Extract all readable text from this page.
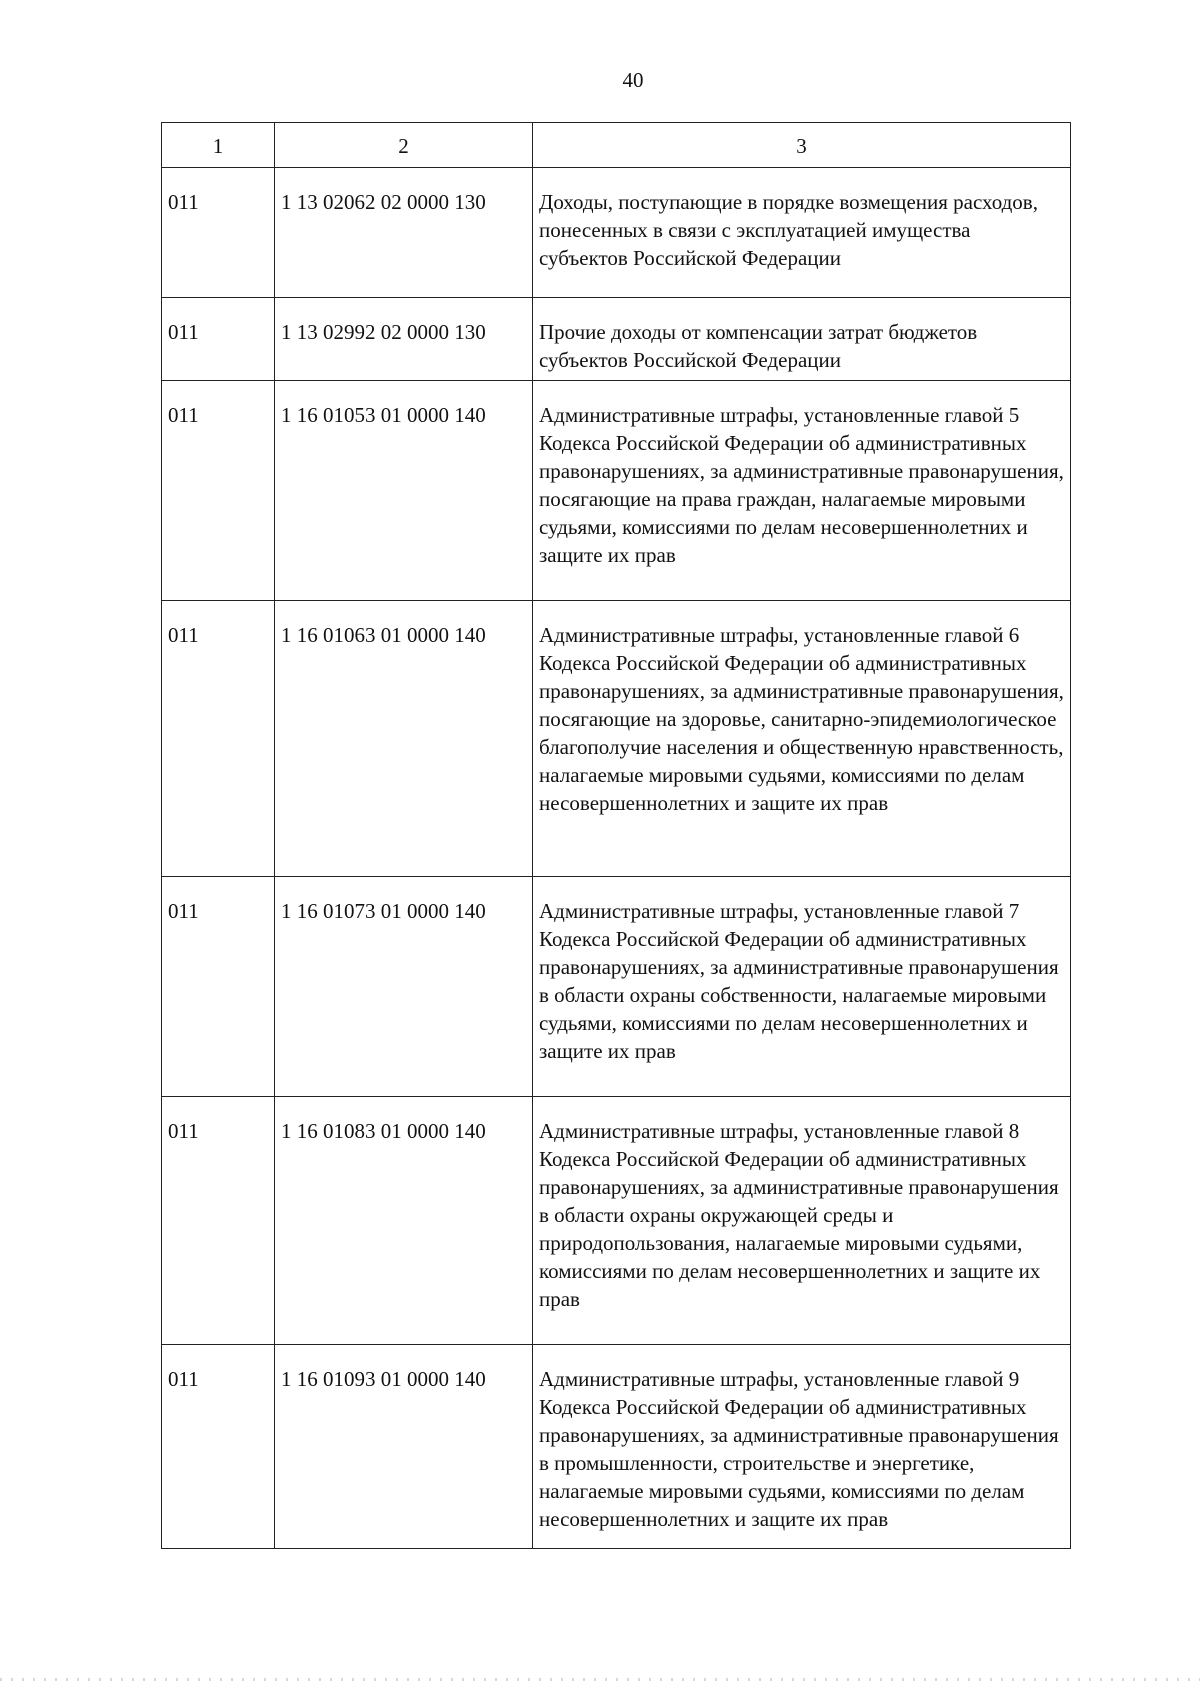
40
1	2	3
011	1 13 02062 02 0000 130	Доходы, поступающие в порядке возмещения расходов, понесенных в связи с эксплуатацией имущества субъектов Российской Федерации
011	1 13 02992 02 0000 130	Прочие доходы от компенсации затрат бюджетов субъектов Российской Федерации
011	1 16 01053 01 0000 140	Административные штрафы, установленные главой 5 Кодекса Российской Федерации об административных правонарушениях, за административные правонарушения, посягающие на права граждан, налагаемые мировыми судьями, комиссиями по делам несовершеннолетних и защите их прав
011	1 16 01063 01 0000 140	Административные штрафы, установленные главой 6 Кодекса Российской Федерации об административных правонарушениях, за административные правонарушения, посягающие на здоровье, санитарно-эпидемиологическое благополучие населения и общественную нравственность, налагаемые мировыми судьями, комиссиями по делам несовершеннолетних и защите их прав
011	1 16 01073 01 0000 140	Административные штрафы, установленные главой 7 Кодекса Российской Федерации об административных правонарушениях, за административные правонарушения в области охраны собственности, налагаемые мировыми судьями, комиссиями по делам несовершеннолетних и защите их прав
011	1 16 01083 01 0000 140	Административные штрафы, установленные главой 8 Кодекса Российской Федерации об административных правонарушениях, за административные правонарушения в области охраны окружающей среды и природопользования, налагаемые мировыми судьями, комиссиями по делам несовершеннолетних и защите их прав
011	1 16 01093 01 0000 140	Административные штрафы, установленные главой 9 Кодекса Российской Федерации об административных правонарушениях, за административные правонарушения в промышленности, строительстве и энергетике, налагаемые мировыми судьями, комиссиями по делам несовершеннолетних и защите их прав
